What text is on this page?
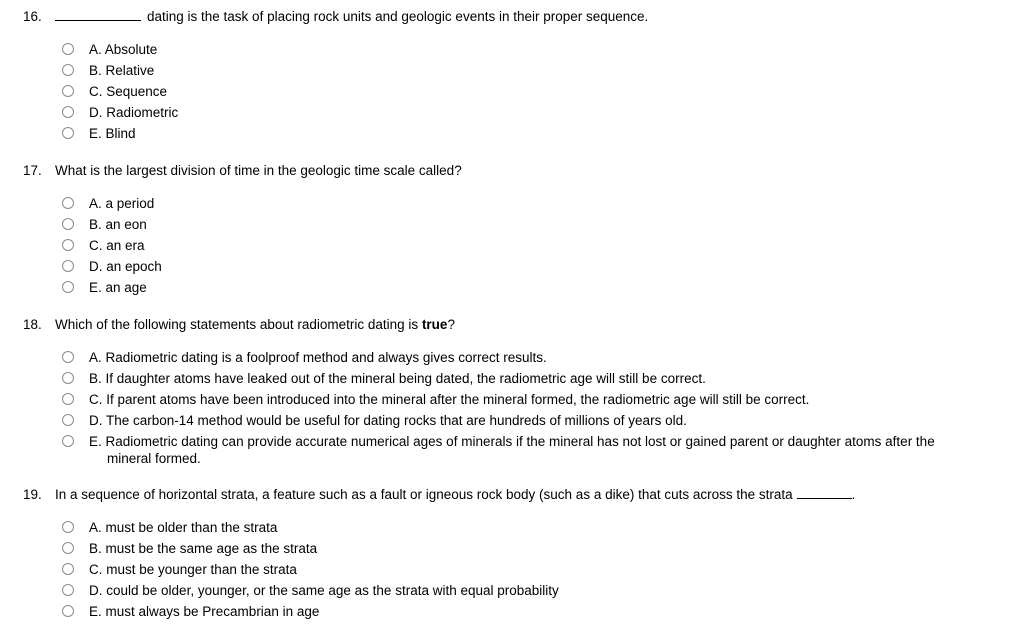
16.	dating is the task of placing rock units and geologic events in their proper sequence.
A. Absolute
B. Relative
C. Sequence
D. Radiometric
E. Blind
17. What is the largest division of time in the geologic time scale called?
A. a period
B. an eon
C. an era
D. an epoch
E. an age
18. Which of the following statements about radiometric dating is true?
A. Radiometric dating is a foolproof method and always gives correct results.
B. If daughter atoms have leaked out of the mineral being dated, the radiometric age will still be correct.
C. If parent atoms have been introduced into the mineral after the mineral formed, the radiometric age will still be correct.
D. The carbon-14 method would be useful for dating rocks that are hundreds of millions of years old.
E. Radiometric dating can provide accurate numerical ages of minerals if the mineral has not lost or gained parent or daughter atoms after the
mineral formed.
19. In a sequence of horizontal strata, a feature such as a fault or igneous rock body (such as a dike) that cuts across the strata	.
A. must be older than the strata
B. must be the same age as the strata
C. must be younger than the strata
D. could be older, younger, or the same age as the strata with equal probability
E. must always be Precambrian in age
